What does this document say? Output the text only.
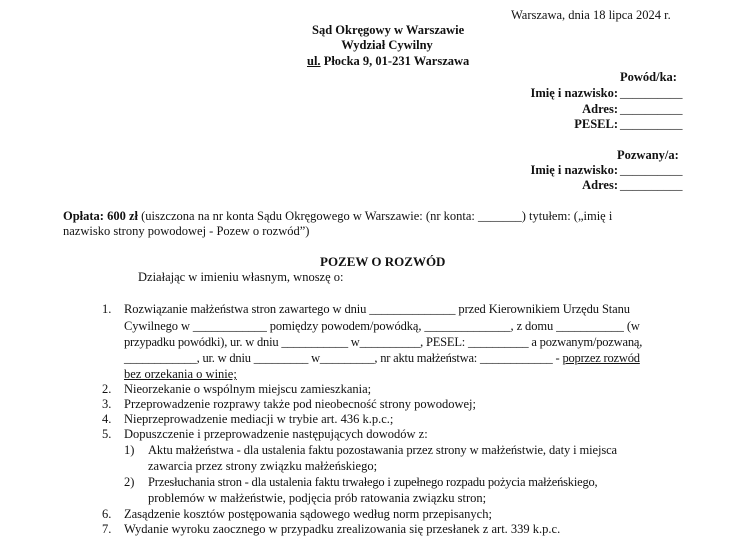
Warszawa, dnia 18 lipca 2024 r.
Sąd Okręgowy w Warszawie
Wydział Cywilny
ul. Płocka 9, 01-231 Warszawa
Powód/ka:
Imię i nazwisko: __________
Adres: __________
PESEL: __________
Pozwany/a:
Imię i nazwisko: __________
Adres: __________
Opłata: 600 zł (uiszczona na nr konta Sądu Okręgowego w Warszawie: (nr konta: _______) tytułem: („imię i
nazwisko strony powodowej - Pozew o rozwód”)
POZEW O ROZWÓD
Działając w imieniu własnym, wnoszę o:
1.	Rozwiązanie małżeństwa stron zawartego w dniu ______________ przed Kierownikiem Urzędu Stanu
Cywilnego w ____________ pomiędzy powodem/powódką, ______________, z domu ___________ (w
przypadku powódki), ur. w dniu ___________ w__________, PESEL: __________ a pozwanym/pozwaną,
____________, ur. w dniu _________ w_________, nr aktu małżeństwa: ____________ - poprzez rozwód
bez orzekania o winie;
2.	Nieorzekanie o wspólnym miejscu zamieszkania;
3.	Przeprowadzenie rozprawy także pod nieobecność strony powodowej;
4.	Nieprzeprowadzenie mediacji w trybie art. 436 k.p.c.;
5.	Dopuszczenie i przeprowadzenie następujących dowodów z:
1)	Aktu małżeństwa - dla ustalenia faktu pozostawania przez strony w małżeństwie, daty i miejsca
zawarcia przez strony związku małżeńskiego;
2)	Przesłuchania stron - dla ustalenia faktu trwałego i zupełnego rozpadu pożycia małżeńskiego,
problemów w małżeństwie, podjęcia prób ratowania związku stron;
6.	Zasądzenie kosztów postępowania sądowego według norm przepisanych;
7.	Wydanie wyroku zaocznego w przypadku zrealizowania się przesłanek z art. 339 k.p.c.
